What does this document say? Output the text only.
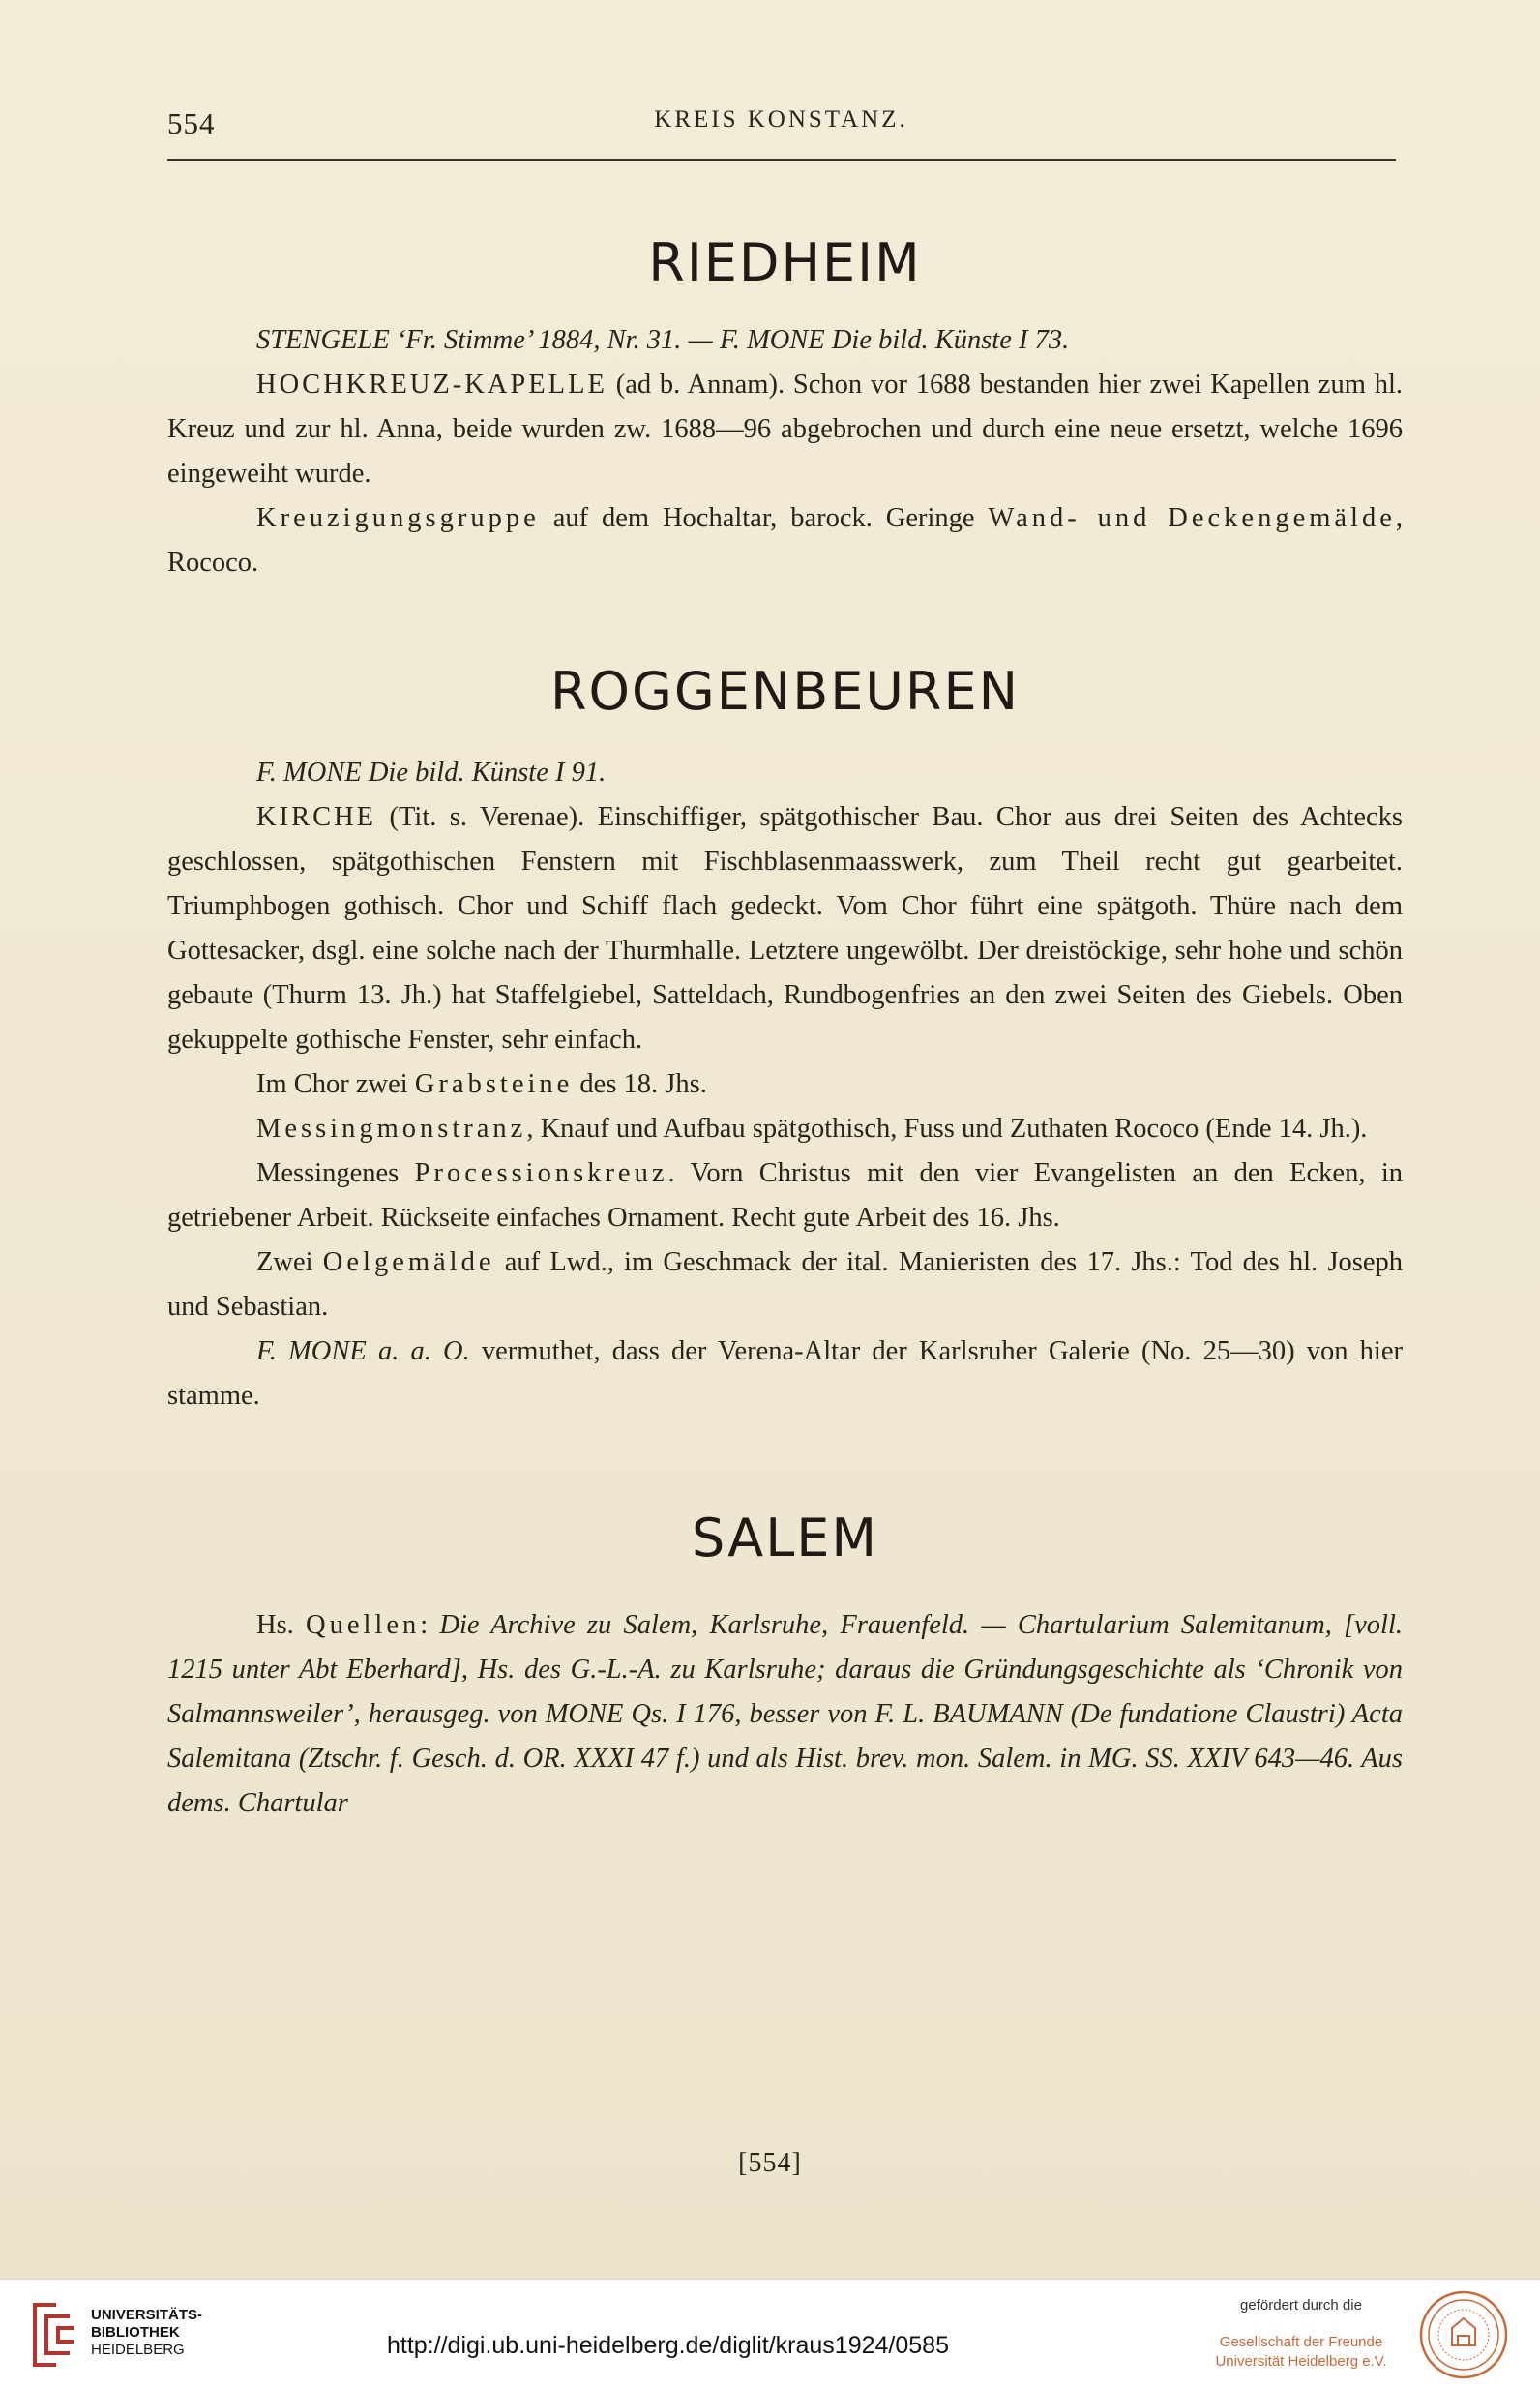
554	KREIS KONSTANZ.
RIEDHEIM

STENGELE ‘Fr. Stimme’ 1884, Nr. 31. — F. MONE Die bild. Künste I 73.

HOCHKREUZ-KAPELLE (ad b. Annam). Schon vor 1688 bestanden hier zwei Kapellen zum hl. Kreuz und zur hl. Anna, beide wurden zw. 1688—96 abgebrochen und durch eine neue ersetzt, welche 1696 eingeweiht wurde.

Kreuzigungsgruppe auf dem Hochaltar, barock. Geringe Wand- und Deckengemälde, Rococo.

ROGGENBEUREN

F. MONE Die bild. Künste I 91.

KIRCHE (Tit. s. Verenae). Einschiffiger, spätgothischer Bau. Chor aus drei Seiten des Achtecks geschlossen, spätgothischen Fenstern mit Fischblasenmaasswerk, zum Theil recht gut gearbeitet. Triumphbogen gothisch. Chor und Schiff flach gedeckt. Vom Chor führt eine spätgoth. Thüre nach dem Gottesacker, dsgl. eine solche nach der Thurmhalle. Letztere ungewölbt. Der dreistöckige, sehr hohe und schön gebaute (Thurm 13. Jh.) hat Staffelgiebel, Satteldach, Rundbogenfries an den zwei Seiten des Giebels. Oben gekuppelte gothische Fenster, sehr einfach.

Im Chor zwei Grabsteine des 18. Jhs.

Messingmonstranz, Knauf und Aufbau spätgothisch, Fuss und Zuthaten Rococo (Ende 14. Jh.).

Messingenes Processionskreuz. Vorn Christus mit den vier Evangelisten an den Ecken, in getriebener Arbeit. Rückseite einfaches Ornament. Recht gute Arbeit des 16. Jhs.

Zwei Oelgemälde auf Lwd., im Geschmack der ital. Manieristen des 17. Jhs.: Tod des hl. Joseph und Sebastian.

F. MONE a. a. O. vermuthet, dass der Verena-Altar der Karlsruher Galerie (No. 25—30) von hier stamme.

SALEM

Hs. Quellen: Die Archive zu Salem, Karlsruhe, Frauenfeld. — Chartularium Salemitanum, [voll. 1215 unter Abt Eberhard], Hs. des G.-L.-A. zu Karlsruhe; daraus die Gründungsgeschichte als ‘Chronik von Salmannsweiler’, herausgeg. von MONE Qs. I 176, besser von F. L. BAUMANN (De fundatione Claustri) Acta Salemitana (Ztschr. f. Gesch. d. OR. XXXI 47 f.) und als Hist. brev. mon. Salem. in MG. SS. XXIV 643—46. Aus dems. Chartular

[554]
UNIVERSITÄTS-
BIBLIOTHEK
HEIDELBERG	http://digi.ub.uni-heidelberg.de/diglit/kraus1924/0585
gefördert durch die
Gesellschaft der Freunde
Universität Heidelberg e.V.
